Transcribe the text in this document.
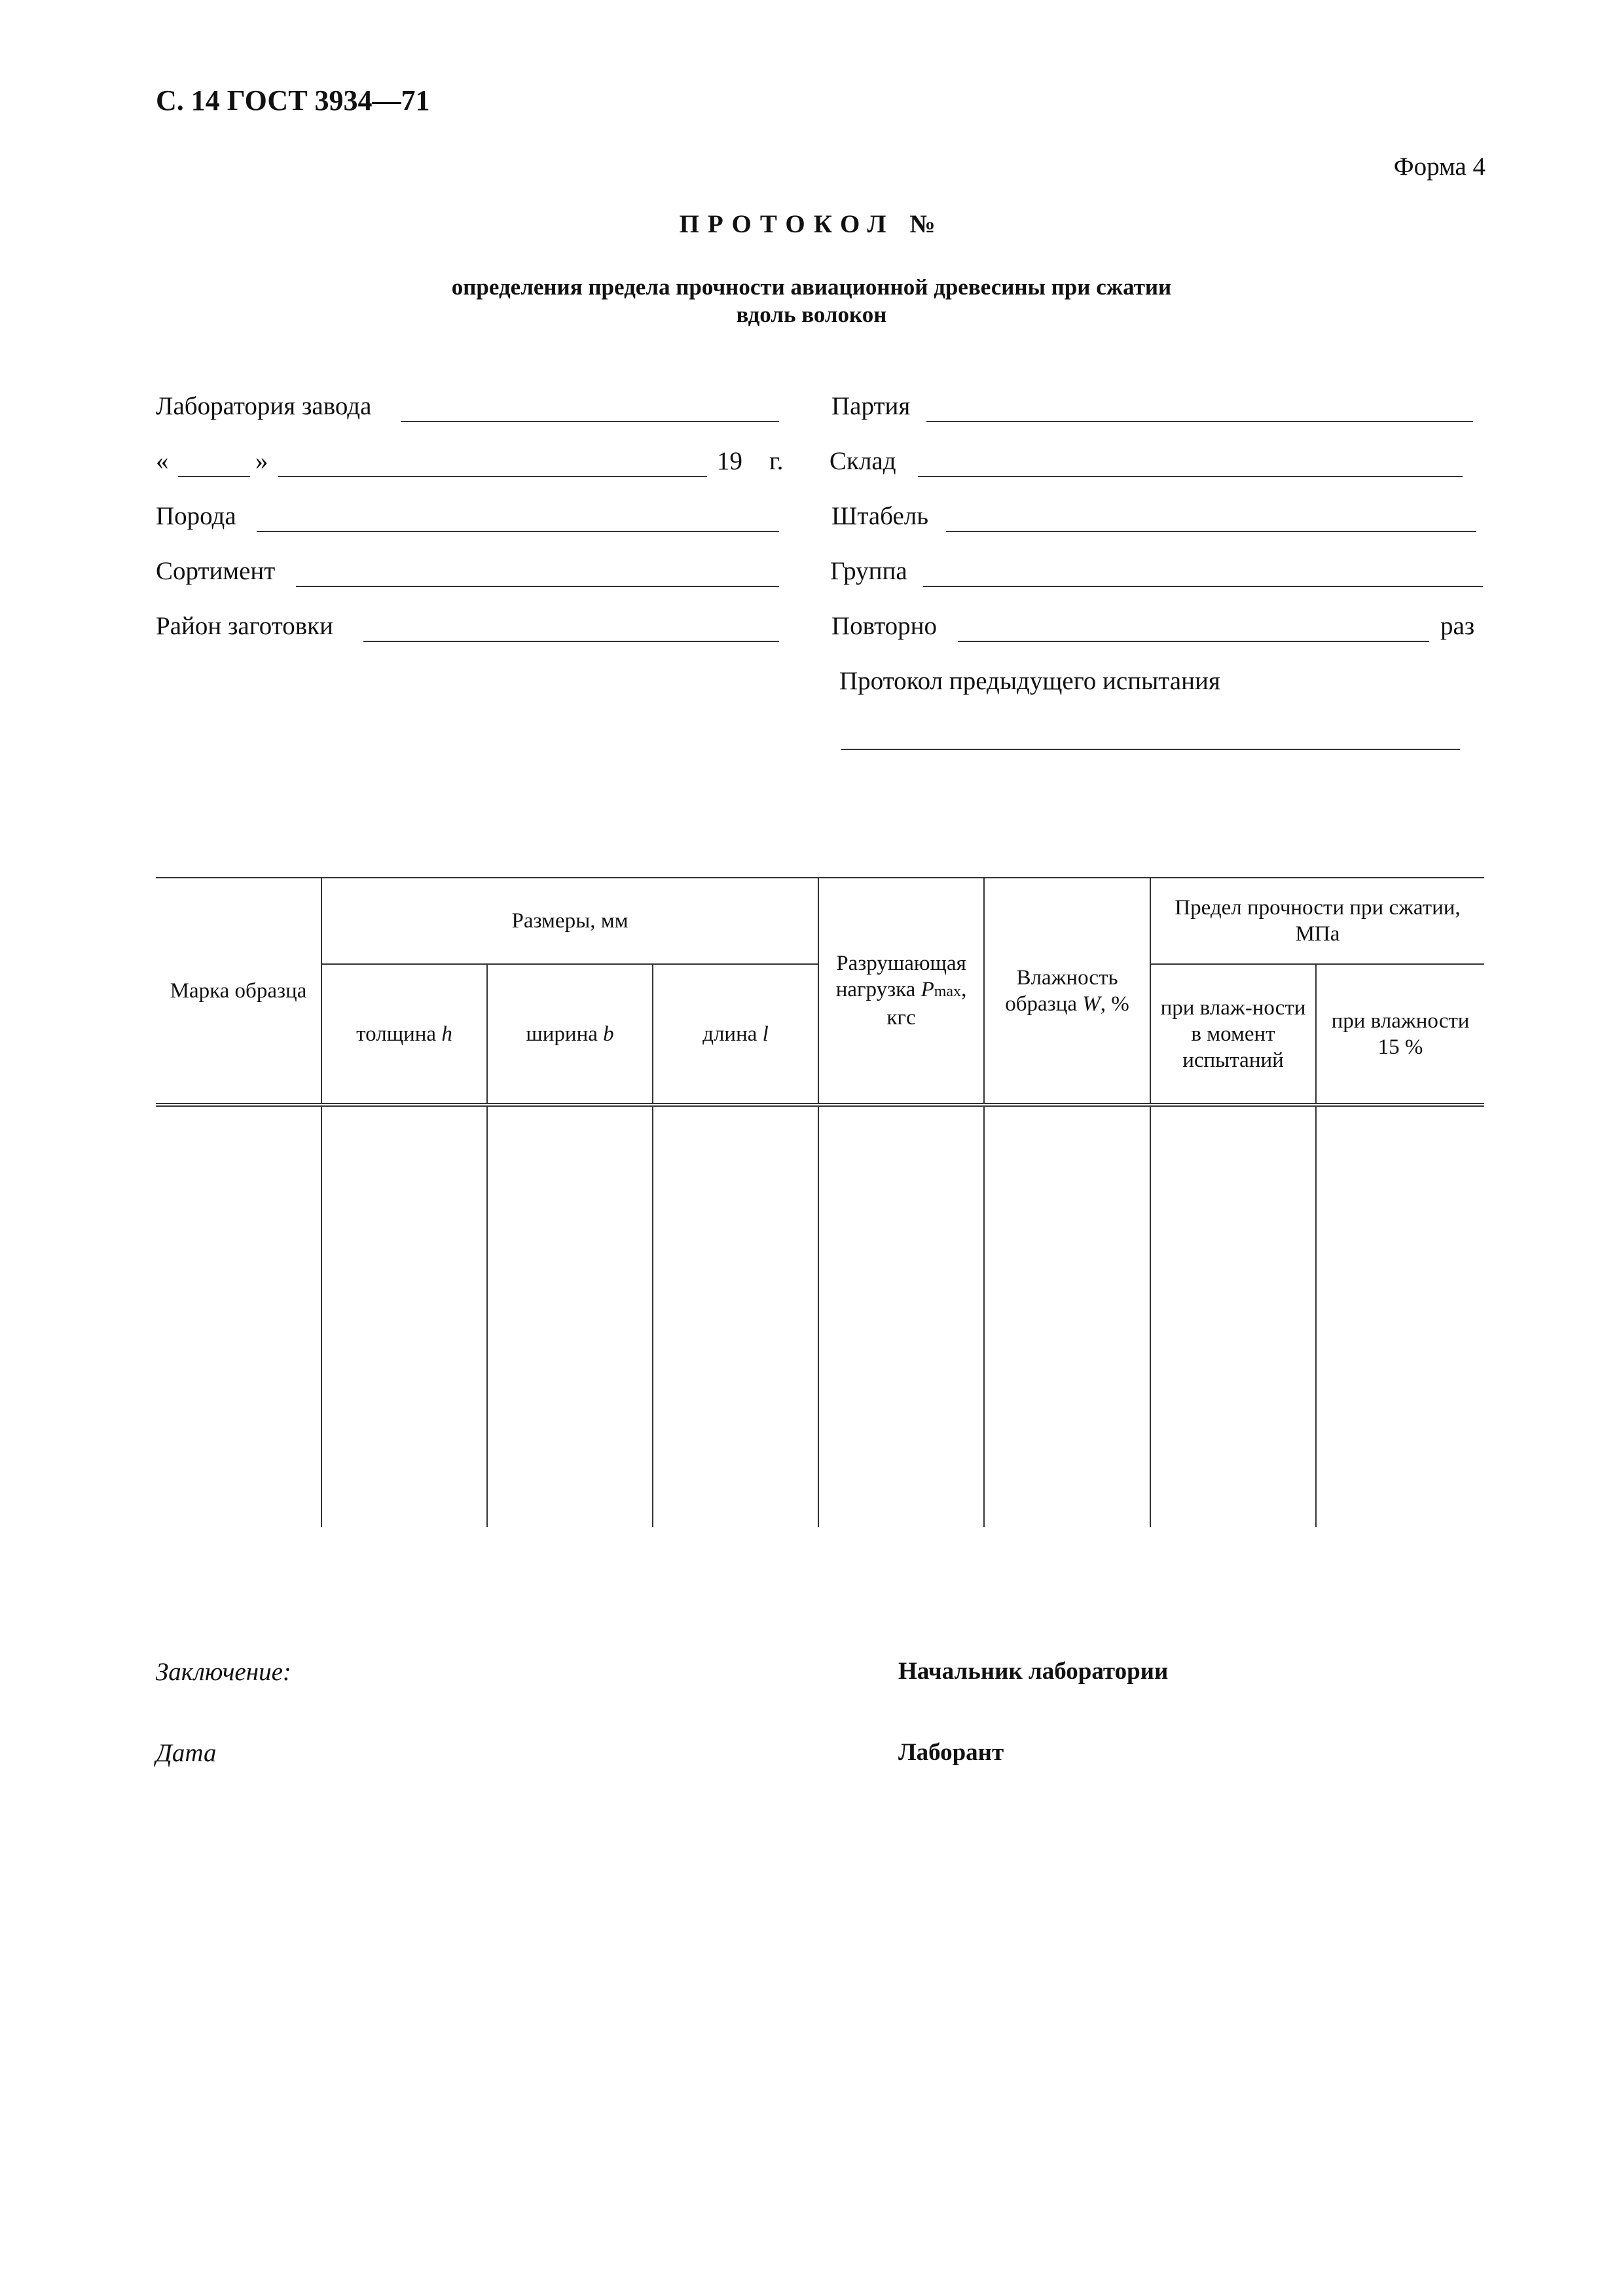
С. 14 ГОСТ 3934—71
Форма 4
ПРОТОКОЛ №
определения предела прочности авиационной древесины при сжатии
вдоль волокон
Лаборатория завода
«	»	19 г.
Порода
Сортимент
Район заготовки
Партия
Склад
Штабель
Группа
Повторно	раз
Протокол предыдущего испытания
Марка образца	Размеры, мм			Разрушающая нагрузка Pmax, кгс	Влажность образца W, %	Предел прочности при сжатии, МПа	
	толщина h	ширина b	длина l			при влаж-ности в момент испытаний	при влажности 15 %

Заключение:
Дата
Начальник лаборатории
Лаборант
